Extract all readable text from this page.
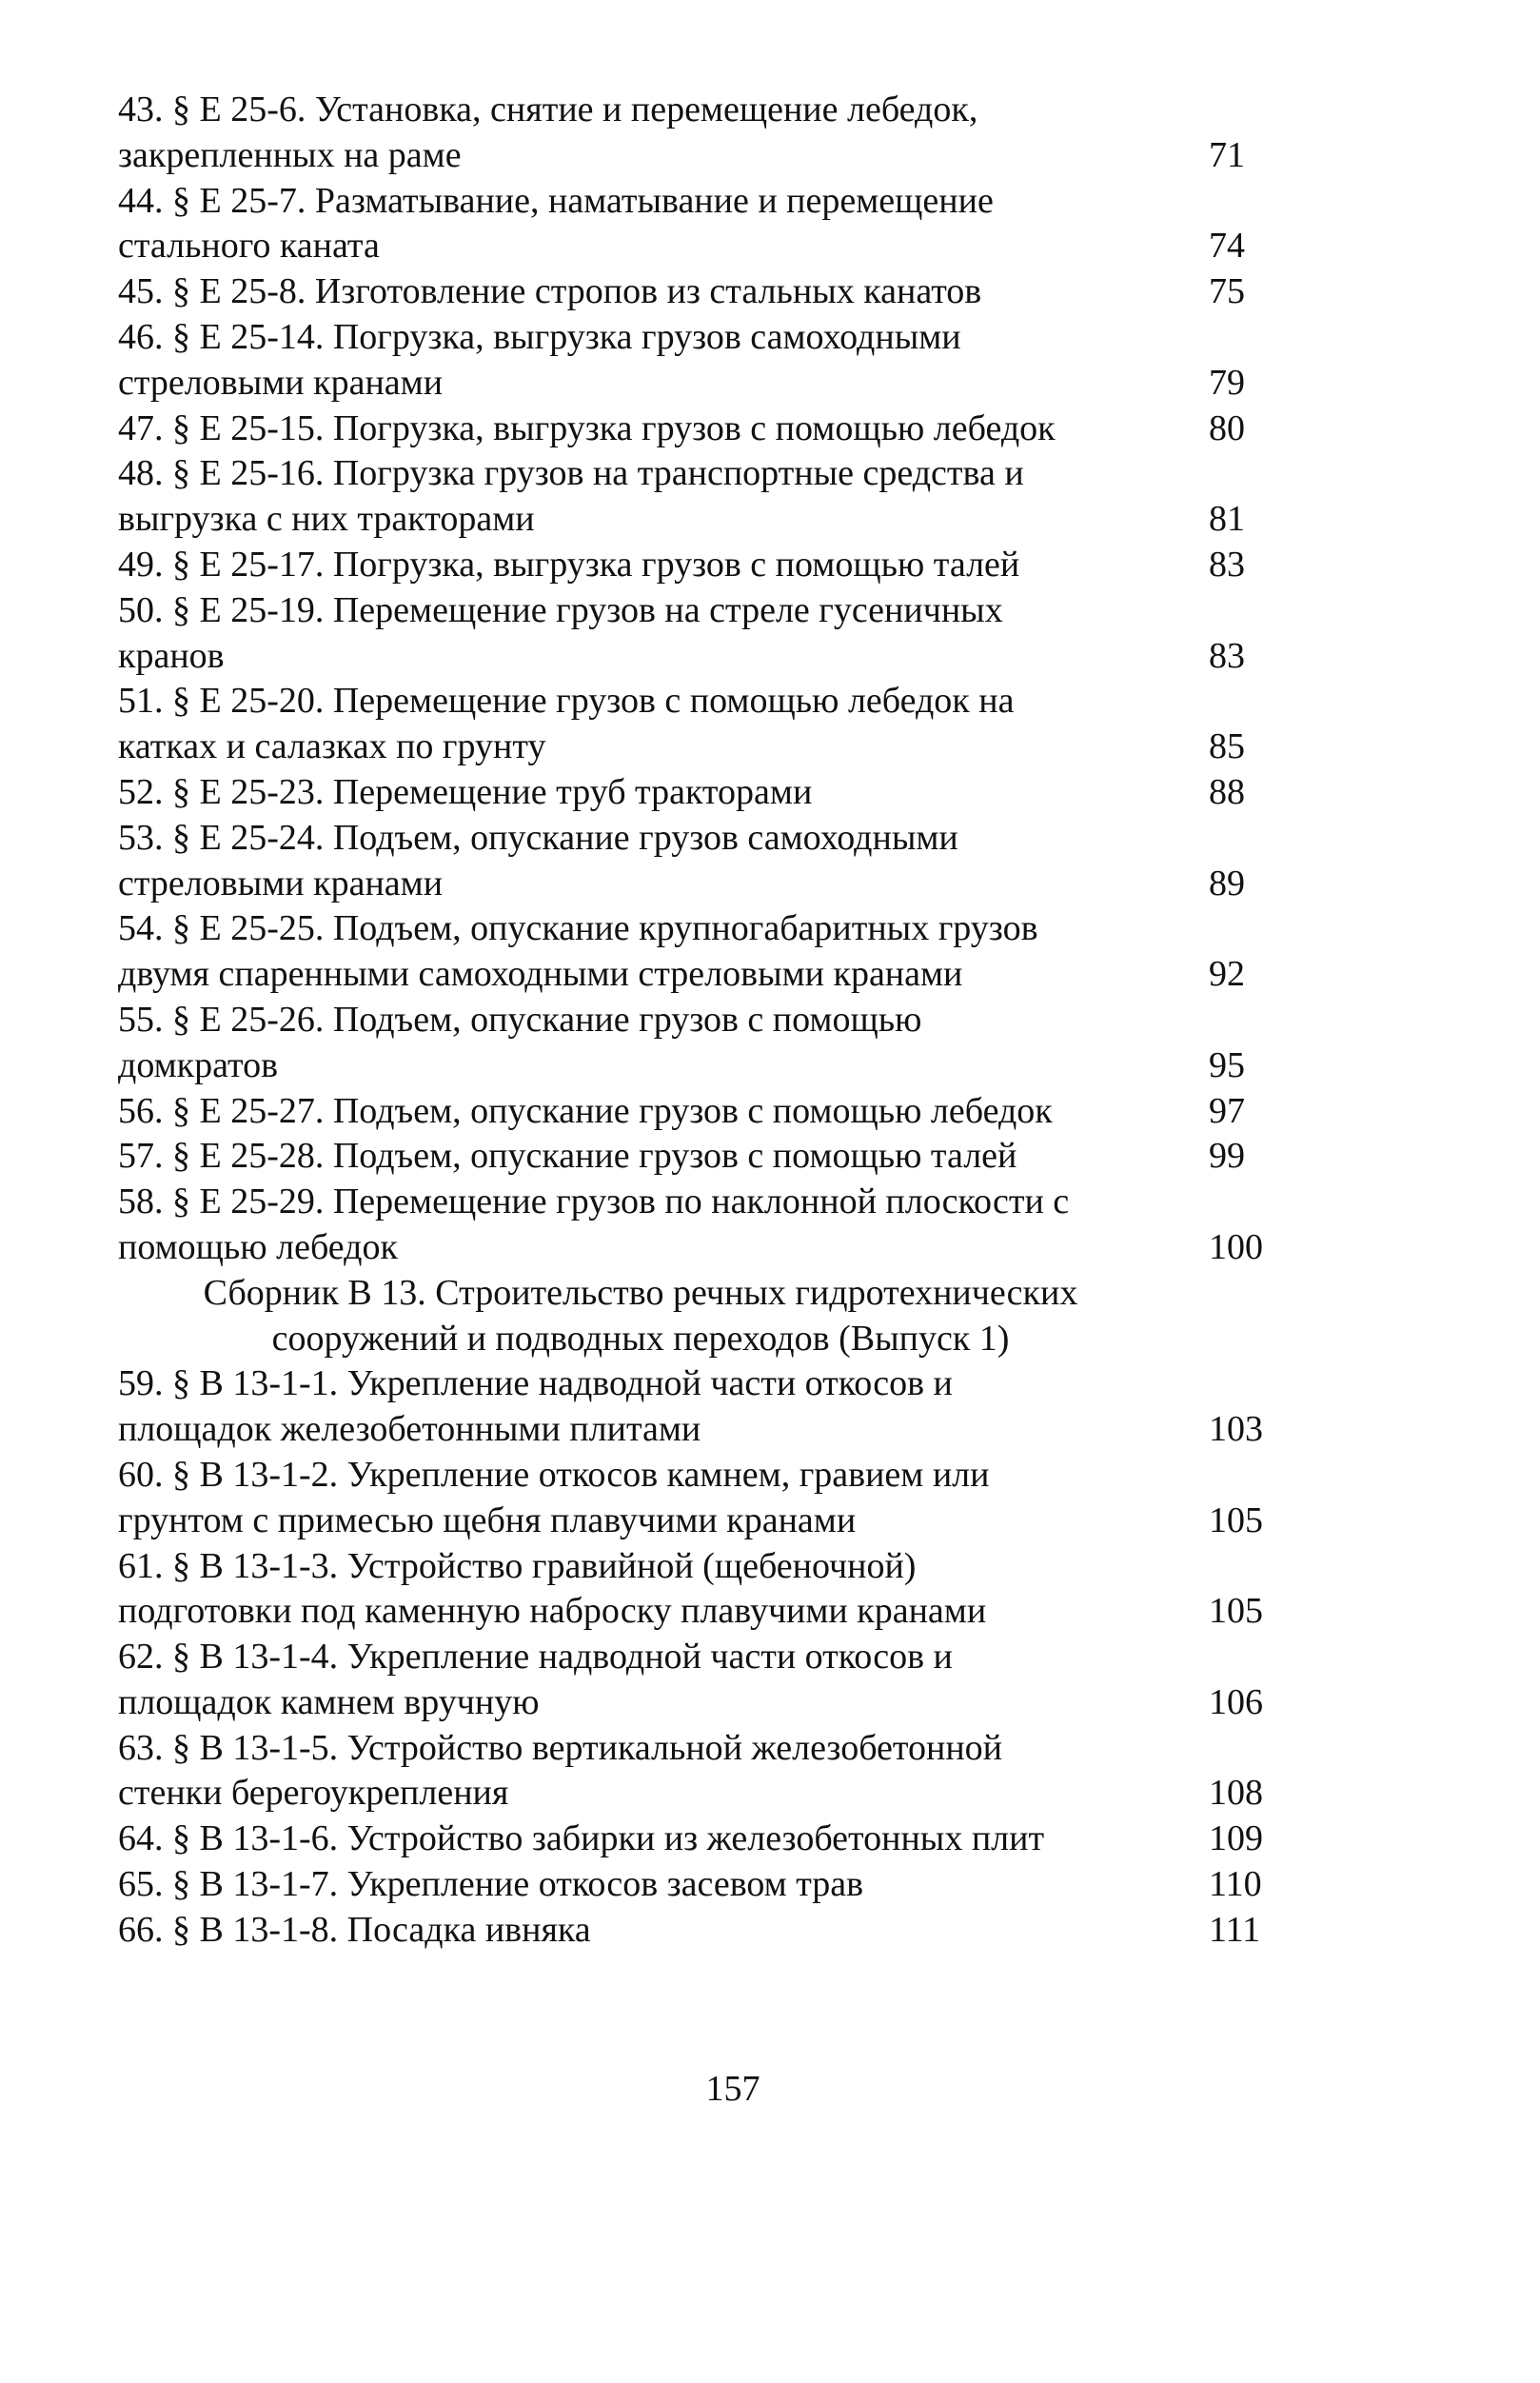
43. § Е 25-6. Установка, снятие и перемещение лебедок,
закрепленных на раме	71
44. § Е 25-7. Разматывание, наматывание и перемещение
стального каната	74
45. § Е 25-8. Изготовление стропов из стальных канатов	75
46. § Е 25-14. Погрузка, выгрузка грузов самоходными
стреловыми кранами	79
47. § Е 25-15. Погрузка, выгрузка грузов с помощью лебедок	80
48. § Е 25-16. Погрузка грузов на транспортные средства и
выгрузка с них тракторами	81
49. § Е 25-17. Погрузка, выгрузка грузов с помощью талей	83
50. § Е 25-19. Перемещение грузов на стреле гусеничных
кранов	83
51. § Е 25-20. Перемещение грузов с помощью лебедок на
катках и салазках по грунту	85
52. § Е 25-23. Перемещение труб тракторами	88
53. § Е 25-24. Подъем, опускание грузов самоходными
стреловыми кранами	89
54. § Е 25-25. Подъем, опускание крупногабаритных грузов
двумя спаренными самоходными стреловыми кранами	92
55. § Е 25-26. Подъем, опускание грузов с помощью
домкратов	95
56. § Е 25-27. Подъем, опускание грузов с помощью лебедок	97
57. § Е 25-28. Подъем, опускание грузов с помощью талей	99
58. § Е 25-29. Перемещение грузов по наклонной плоскости с
помощью лебедок	100
Сборник В 13. Строительство речных гидротехнических
сооружений и подводных переходов (Выпуск 1)
59. § В 13-1-1. Укрепление надводной части откосов и
площадок железобетонными плитами	103
60. § В 13-1-2. Укрепление откосов камнем, гравием или
грунтом с примесью щебня плавучими кранами	105
61. § В 13-1-3. Устройство гравийной (щебеночной)
подготовки под каменную наброску плавучими кранами	105
62. § В 13-1-4. Укрепление надводной части откосов и
площадок камнем вручную	106
63. § В 13-1-5. Устройство вертикальной железобетонной
стенки берегоукрепления	108
64. § В 13-1-6. Устройство забирки из железобетонных плит	109
65. § В 13-1-7. Укрепление откосов засевом трав	110
66. § В 13-1-8. Посадка ивняка	111
157
